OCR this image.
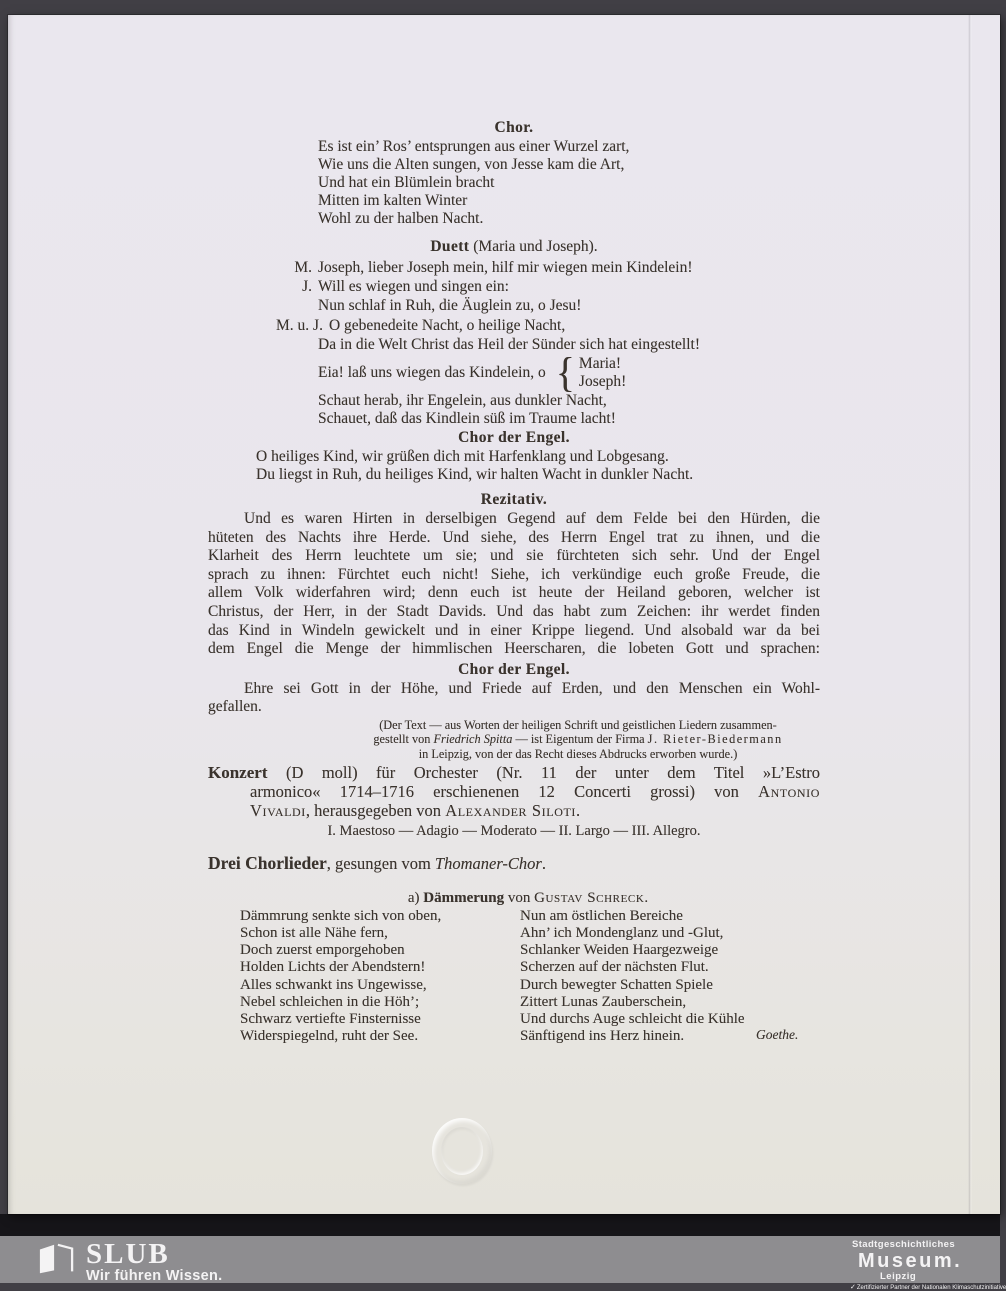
Chor.
Es ist ein’ Ros’ entsprungen aus einer Wurzel zart,
Wie uns die Alten sungen, von Jesse kam die Art,
Und hat ein Blümlein bracht
Mitten im kalten Winter
Wohl zu der halben Nacht.
Duett (Maria und Joseph).
M. Joseph, lieber Joseph mein, hilf mir wiegen mein Kindelein!
J. Will es wiegen und singen ein:
Nun schlaf in Ruh, die Äuglein zu, o Jesu!
M. u. J. O gebenedeite Nacht, o heilige Nacht,
Da in die Welt Christ das Heil der Sünder sich hat eingestellt!
Eia! laß uns wiegen das Kindelein, o { Maria!
Joseph!
Schaut herab, ihr Engelein, aus dunkler Nacht,
Schauet, daß das Kindlein süß im Traume lacht!
Chor der Engel.
O heiliges Kind, wir grüßen dich mit Harfenklang und Lobgesang.
Du liegst in Ruh, du heiliges Kind, wir halten Wacht in dunkler Nacht.
Rezitativ.
Und es waren Hirten in derselbigen Gegend auf dem Felde bei den Hürden, die
hüteten des Nachts ihre Herde. Und siehe, des Herrn Engel trat zu ihnen, und die
Klarheit des Herrn leuchtete um sie; und sie fürchteten sich sehr. Und der Engel
sprach zu ihnen: Fürchtet euch nicht! Siehe, ich verkündige euch große Freude, die
allem Volk widerfahren wird; denn euch ist heute der Heiland geboren, welcher ist
Christus, der Herr, in der Stadt Davids. Und das habt zum Zeichen: ihr werdet finden
das Kind in Windeln gewickelt und in einer Krippe liegend. Und alsobald war da bei
dem Engel die Menge der himmlischen Heerscharen, die lobeten Gott und sprachen:
Chor der Engel.
Ehre sei Gott in der Höhe, und Friede auf Erden, und den Menschen ein Wohl-
gefallen.
(Der Text — aus Worten der heiligen Schrift und geistlichen Liedern zusammen-
gestellt von Friedrich Spitta — ist Eigentum der Firma J. Rieter-Biedermann
in Leipzig, von der das Recht dieses Abdrucks erworben wurde.)
Konzert (D moll) für Orchester (Nr. 11 der unter dem Titel »L’Estro
armonico« 1714–1716 erschienenen 12 Concerti grossi) von Antonio
Vivaldi, herausgegeben von Alexander Siloti.
I. Maestoso — Adagio — Moderato — II. Largo — III. Allegro.
Drei Chorlieder, gesungen vom Thomaner-Chor.
a) Dämmerung von Gustav Schreck.
Dämmrung senkte sich von oben,
Schon ist alle Nähe fern,
Doch zuerst emporgehoben
Holden Lichts der Abendstern!
Alles schwankt ins Ungewisse,
Nebel schleichen in die Höh’;
Schwarz vertiefte Finsternisse
Widerspiegelnd, ruht der See.
Nun am östlichen Bereiche
Ahn’ ich Mondenglanz und -Glut,
Schlanker Weiden Haargezweige
Scherzen auf der nächsten Flut.
Durch bewegter Schatten Spiele
Zittert Lunas Zauberschein,
Und durchs Auge schleicht die Kühle
Sänftigend ins Herz hinein.	Goethe.
SLUB
Wir führen Wissen.
Stadtgeschichtliches
Museum.
Leipzig
✓Zertifizierter Partner der Nationalen Klimaschutzinitiative
